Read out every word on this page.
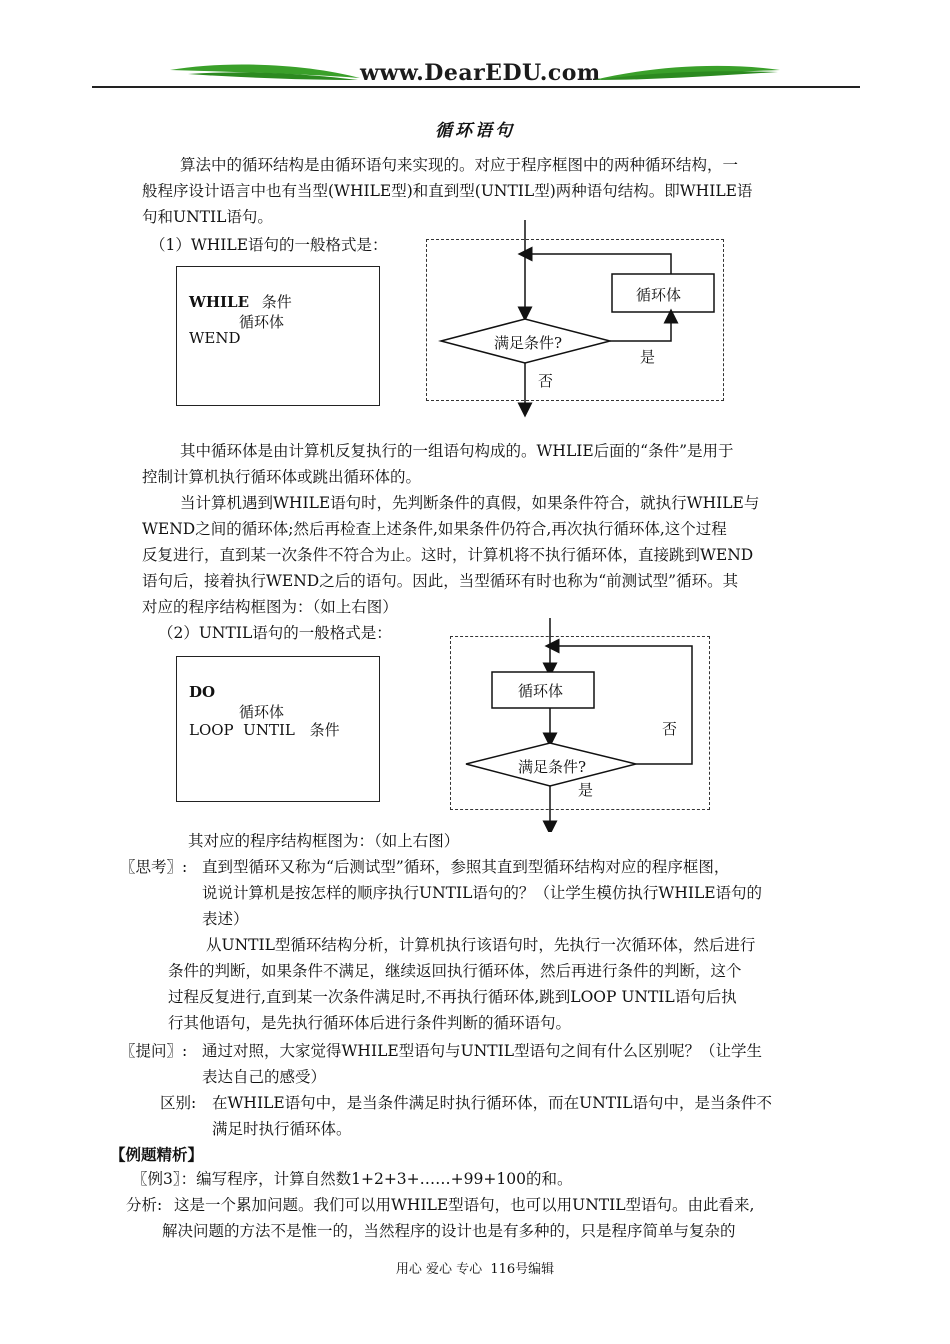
www.DearEDU.com
循环语句
算法中的循环结构是由循环语句来实现的。对应于程序框图中的两种循环结构，一
般程序设计语言中也有当型(WHILE型)和直到型(UNTIL型)两种语句结构。即WHILE语
句和UNTIL语句。
（1）WHILE语句的一般格式是：
WHILE 条件
循环体
WEND
循环体
满足条件?
是
否
其中循环体是由计算机反复执行的一组语句构成的。WHLIE后面的“条件”是用于
控制计算机执行循环体或跳出循环体的。
当计算机遇到WHILE语句时，先判断条件的真假，如果条件符合，就执行WHILE与
WEND之间的循环体;然后再检查上述条件,如果条件仍符合,再次执行循环体,这个过程
反复进行，直到某一次条件不符合为止。这时，计算机将不执行循环体，直接跳到WEND
语句后，接着执行WEND之后的语句。因此，当型循环有时也称为“前测试型”循环。其
对应的程序结构框图为：（如上右图）
（2）UNTIL语句的一般格式是：
DO
循环体
LOOP  UNTIL 条件
循环体
满足条件?
是
否
其对应的程序结构框图为：（如上右图）
〖思考〗: 直到型循环又称为“后测试型”循环，参照其直到型循环结构对应的程序框图，
说说计算机是按怎样的顺序执行UNTIL语句的？（让学生模仿执行WHILE语句的
表述）
从UNTIL型循环结构分析，计算机执行该语句时，先执行一次循环体，然后进行
条件的判断，如果条件不满足，继续返回执行循环体，然后再进行条件的判断，这个
过程反复进行,直到某一次条件满足时,不再执行循环体,跳到LOOP UNTIL语句后执
行其他语句，是先执行循环体后进行条件判断的循环语句。
〖提问〗: 通过对照，大家觉得WHILE型语句与UNTIL型语句之间有什么区别呢？（让学生
表达自己的感受）
区别: 在WHILE语句中，是当条件满足时执行循环体，而在UNTIL语句中，是当条件不
满足时执行循环体。
【例题精析】
〖例3〗：编写程序，计算自然数1+2+3+……+99+100的和。
分析: 这是一个累加问题。我们可以用WHILE型语句，也可以用UNTIL型语句。由此看来,
解决问题的方法不是惟一的，当然程序的设计也是有多种的，只是程序简单与复杂的
用心 爱心 专心  116号编辑
